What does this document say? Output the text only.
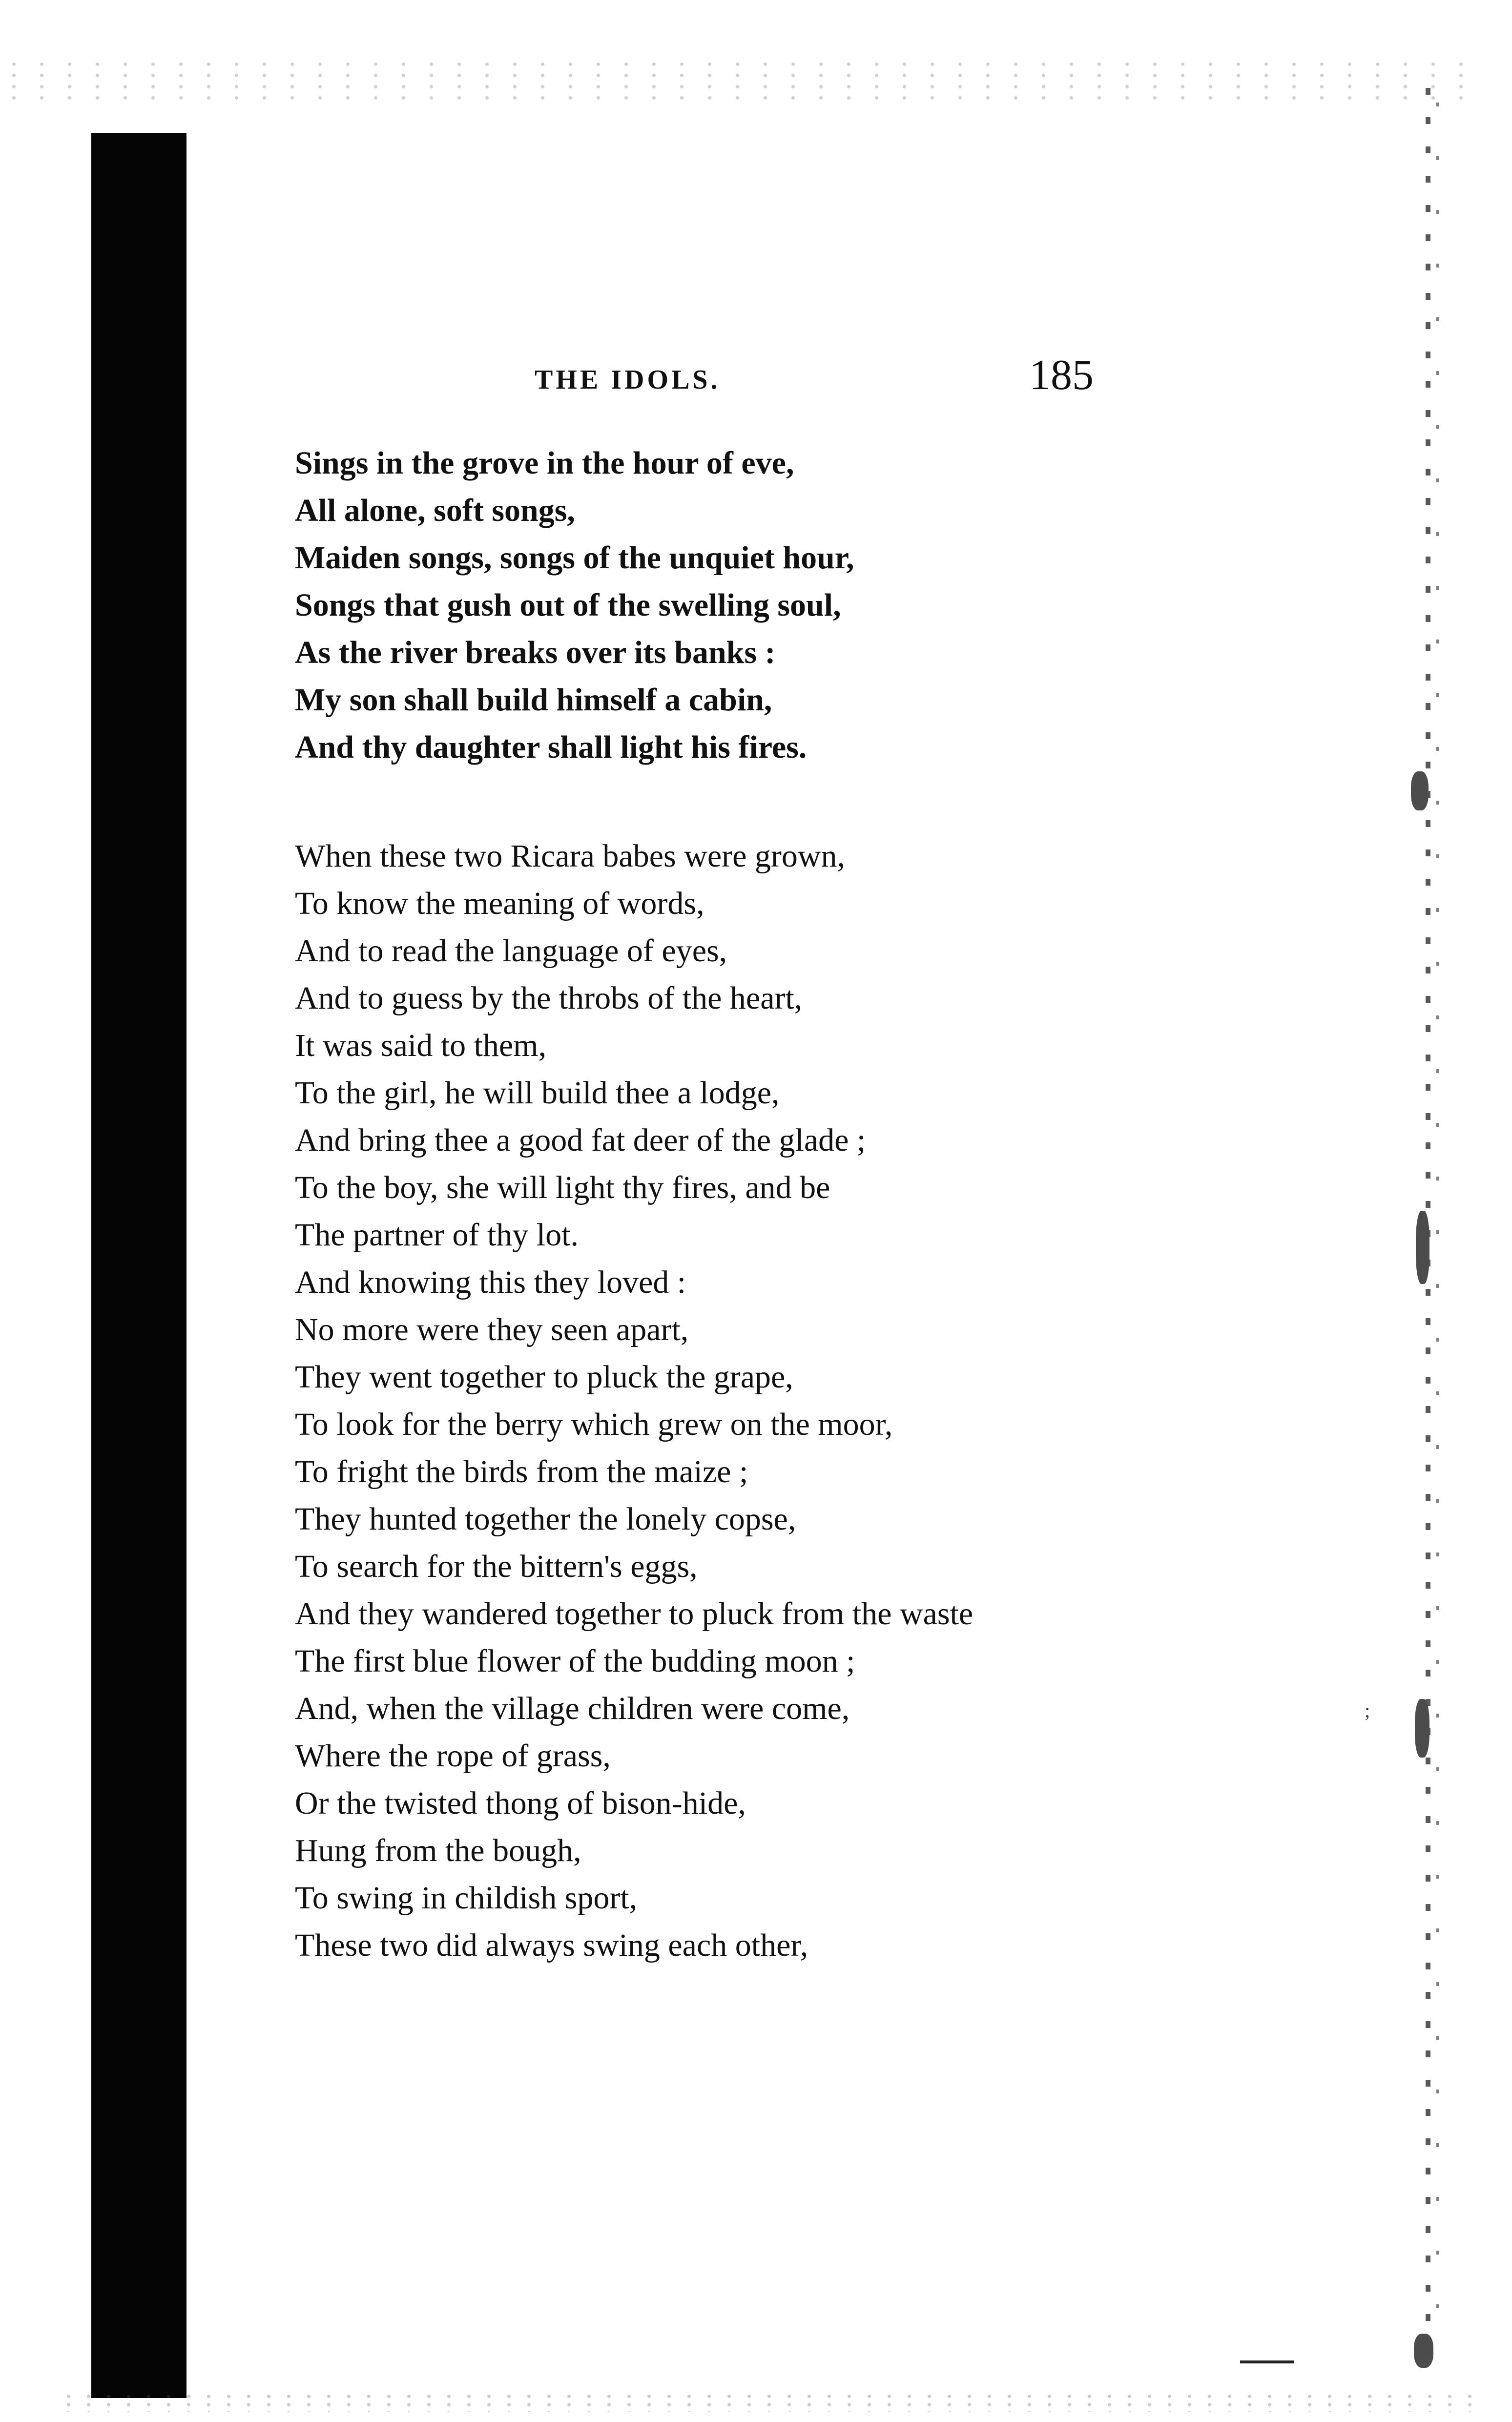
THE IDOLS.	185
Sings in the grove in the hour of eve,
All alone, soft songs,
Maiden songs, songs of the unquiet hour,
Songs that gush out of the swelling soul,
As the river breaks over its banks :
My son shall build himself a cabin,
And thy daughter shall light his fires.
When these two Ricara babes were grown,
To know the meaning of words,
And to read the language of eyes,
And to guess by the throbs of the heart,
It was said to them,
To the girl, he will build thee a lodge,
And bring thee a good fat deer of the glade ;
To the boy, she will light thy fires, and be
The partner of thy lot.
And knowing this they loved :
No more were they seen apart,
They went together to pluck the grape,
To look for the berry which grew on the moor,
To fright the birds from the maize ;
They hunted together the lonely copse,
To search for the bittern's eggs,
And they wandered together to pluck from the waste
The first blue flower of the budding moon ;
And, when the village children were come,
Where the rope of grass,
Or the twisted thong of bison-hide,
Hung from the bough,
To swing in childish sport,
These two did always swing each other,
;
